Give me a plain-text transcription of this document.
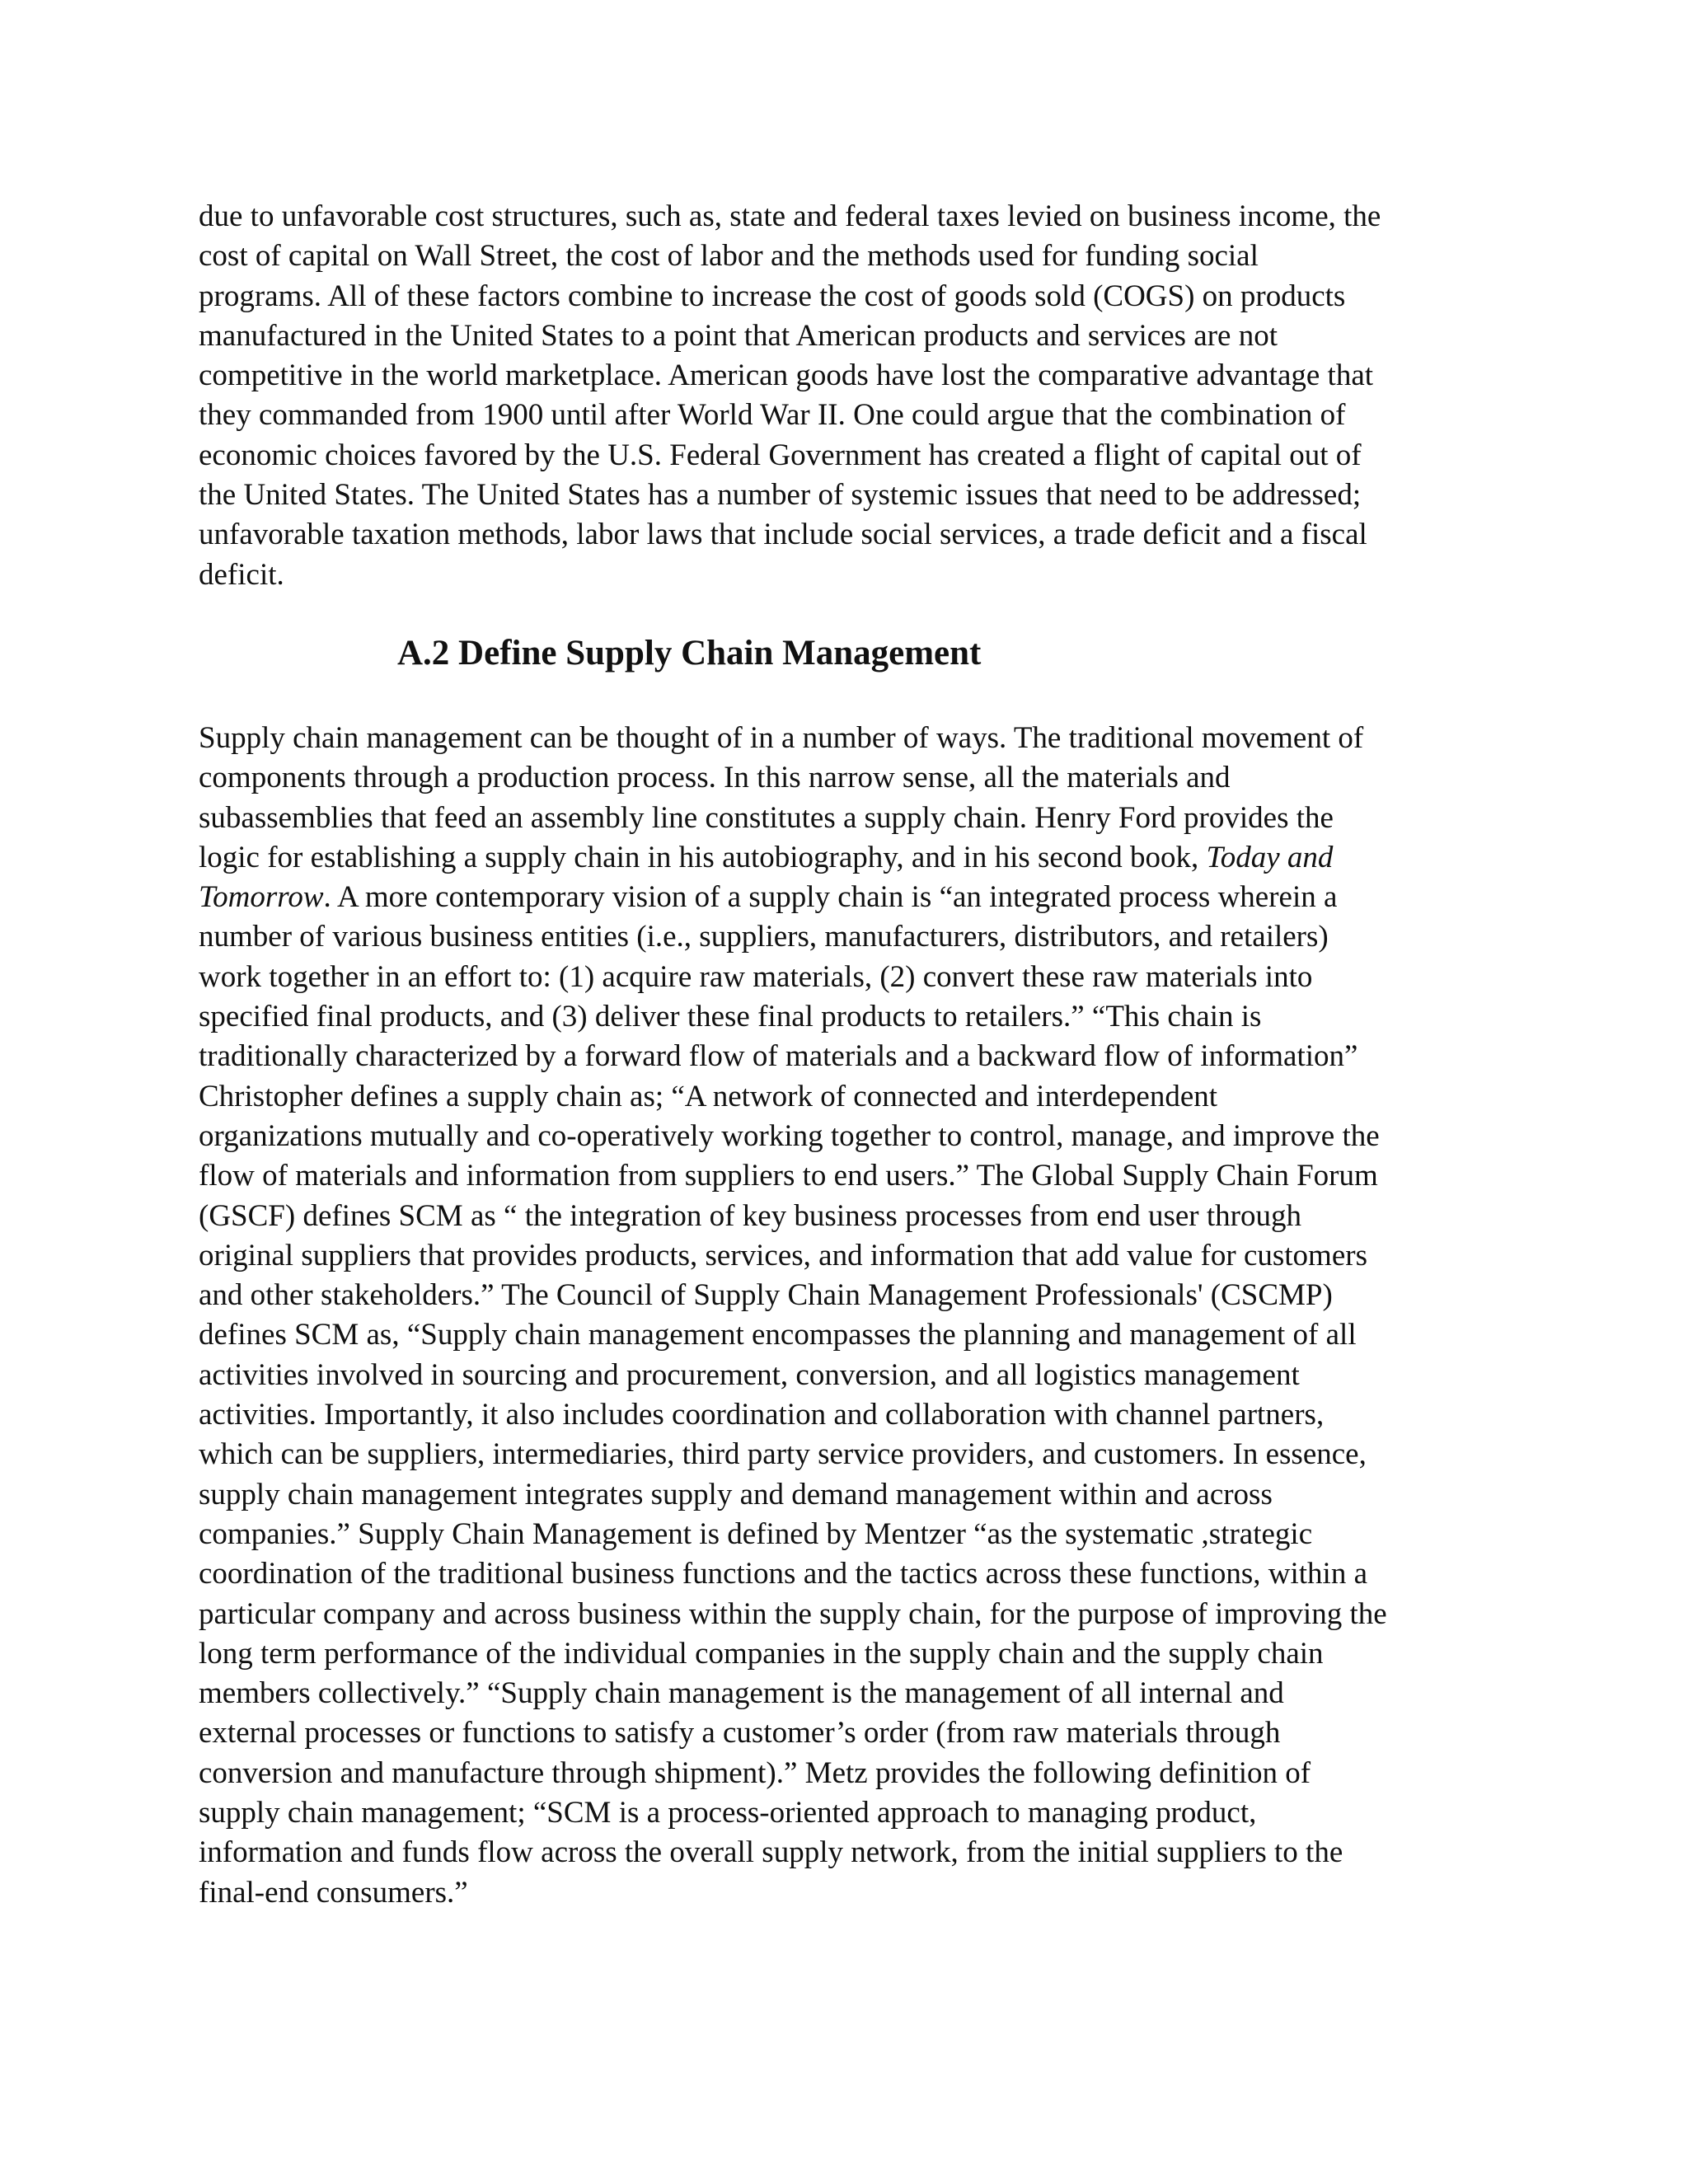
due to unfavorable cost structures, such as, state and federal taxes levied on business income, the
cost of capital on Wall Street, the cost of labor and the methods used for funding social
programs. All of these factors combine to increase the cost of goods sold (COGS) on products
manufactured in the United States to a point that American products and services are not
competitive in the world marketplace. American goods have lost the comparative advantage that
they commanded from 1900 until after World War II. One could argue that the combination of
economic choices favored by the U.S. Federal Government has created a flight of capital out of
the United States. The United States has a number of systemic issues that need to be addressed;
unfavorable taxation methods, labor laws that include social services, a trade deficit and a fiscal
deficit.

A.2 Define Supply Chain Management

Supply chain management can be thought of in a number of ways. The traditional movement of
components through a production process. In this narrow sense, all the materials and
subassemblies that feed an assembly line constitutes a supply chain. Henry Ford provides the
logic for establishing a supply chain in his autobiography, and in his second book, Today and
Tomorrow. A more contemporary vision of a supply chain is “an integrated process wherein a
number of various business entities (i.e., suppliers, manufacturers, distributors, and retailers)
work together in an effort to: (1) acquire raw materials, (2) convert these raw materials into
specified final products, and (3) deliver these final products to retailers.” “This chain is
traditionally characterized by a forward flow of materials and a backward flow of information”
Christopher defines a supply chain as; “A network of connected and interdependent
organizations mutually and co-operatively working together to control, manage, and improve the
flow of materials and information from suppliers to end users.” The Global Supply Chain Forum
(GSCF) defines SCM as “ the integration of key business processes from end user through
original suppliers that provides products, services, and information that add value for customers
and other stakeholders.” The Council of Supply Chain Management Professionals' (CSCMP)
defines SCM as, “Supply chain management encompasses the planning and management of all
activities involved in sourcing and procurement, conversion, and all logistics management
activities. Importantly, it also includes coordination and collaboration with channel partners,
which can be suppliers, intermediaries, third party service providers, and customers. In essence,
supply chain management integrates supply and demand management within and across
companies.” Supply Chain Management is defined by Mentzer “as the systematic ,strategic
coordination of the traditional business functions and the tactics across these functions, within a
particular company and across business within the supply chain, for the purpose of improving the
long term performance of the individual companies in the supply chain and the supply chain
members collectively.” “Supply chain management is the management of all internal and
external processes or functions to satisfy a customer’s order (from raw materials through
conversion and manufacture through shipment).” Metz provides the following definition of
supply chain management; “SCM is a process-oriented approach to managing product,
information and funds flow across the overall supply network, from the initial suppliers to the
final-end consumers.”
